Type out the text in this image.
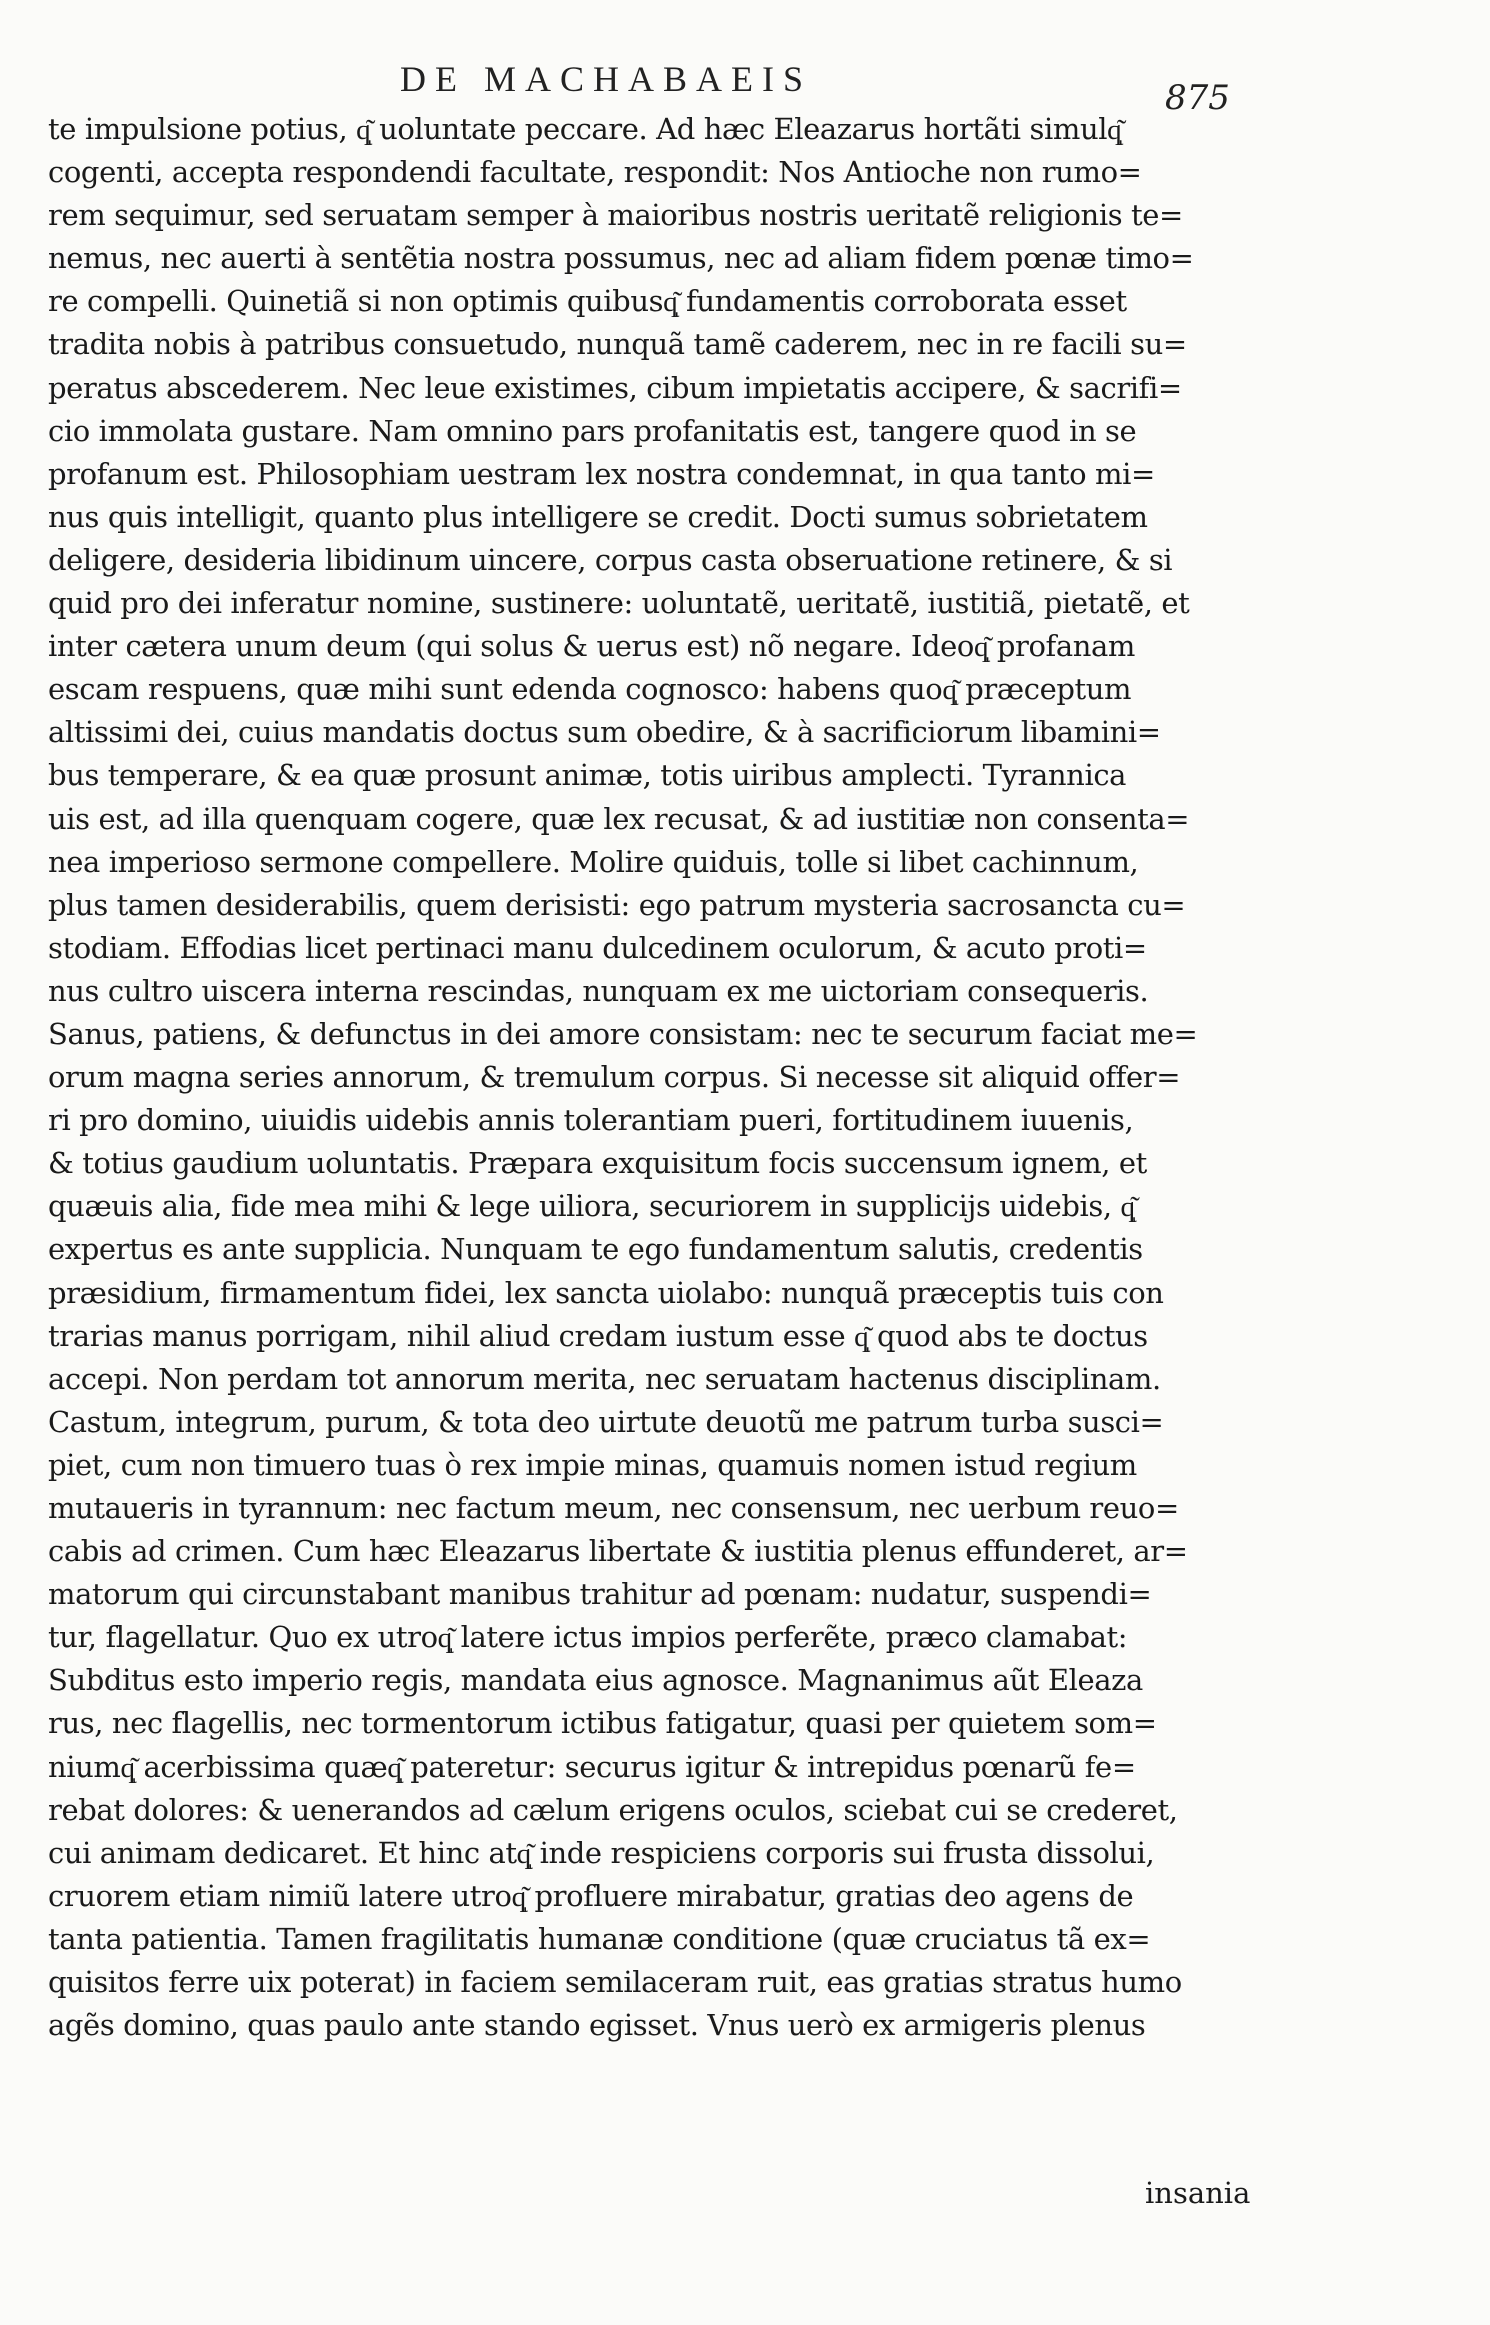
DE MACHABAEIS	875
te impulsione potius, q͂ͅ uoluntate peccare. Ad hæc Eleazarus hortãti simulq͂ͅ
cogenti, accepta respondendi facultate, respondit: Nos Antioche non rumo=
rem sequimur, sed seruatam semper à maioribus nostris ueritatẽ religionis te=
nemus, nec auerti à sentẽtia nostra possumus, nec ad aliam fidem pœnæ timo=
re compelli. Quinetiã si non optimis quibusq͂ͅ fundamentis corroborata esset
tradita nobis à patribus consuetudo, nunquã tamẽ caderem, nec in re facili su=
peratus abscederem. Nec leue existimes, cibum impietatis accipere, & sacrifi=
cio immolata gustare. Nam omnino pars profanitatis est, tangere quod in se
profanum est. Philosophiam uestram lex nostra condemnat, in qua tanto mi=
nus quis intelligit, quanto plus intelligere se credit. Docti sumus sobrietatem
deligere, desideria libidinum uincere, corpus casta obseruatione retinere, & si
quid pro dei inferatur nomine, sustinere: uoluntatẽ, ueritatẽ, iustitiã, pietatẽ, et
inter cætera unum deum (qui solus & uerus est) nõ negare. Ideoq͂ͅ profanam
escam respuens, quæ mihi sunt edenda cognosco: habens quoq͂ͅ præceptum
altissimi dei, cuius mandatis doctus sum obedire, & à sacrificiorum libamini=
bus temperare, & ea quæ prosunt animæ, totis uiribus amplecti. Tyrannica
uis est, ad illa quenquam cogere, quæ lex recusat, & ad iustitiæ non consenta=
nea imperioso sermone compellere. Molire quiduis, tolle si libet cachinnum,
plus tamen desiderabilis, quem derisisti: ego patrum mysteria sacrosancta cu=
stodiam. Effodias licet pertinaci manu dulcedinem oculorum, & acuto proti=
nus cultro uiscera interna rescindas, nunquam ex me uictoriam consequeris.
Sanus, patiens, & defunctus in dei amore consistam: nec te securum faciat me=
orum magna series annorum, & tremulum corpus. Si necesse sit aliquid offer=
ri pro domino, uiuidis uidebis annis tolerantiam pueri, fortitudinem iuuenis,
& totius gaudium uoluntatis. Præpara exquisitum focis succensum ignem, et
quæuis alia, fide mea mihi & lege uiliora, securiorem in supplicijs uidebis, q͂ͅ
expertus es ante supplicia. Nunquam te ego fundamentum salutis, credentis
præsidium, firmamentum fidei, lex sancta uiolabo: nunquã præceptis tuis con
trarias manus porrigam, nihil aliud credam iustum esse q͂ͅ quod abs te doctus
accepi. Non perdam tot annorum merita, nec seruatam hactenus disciplinam.
Castum, integrum, purum, & tota deo uirtute deuotũ me patrum turba susci=
piet, cum non timuero tuas ò rex impie minas, quamuis nomen istud regium
mutaueris in tyrannum: nec factum meum, nec consensum, nec uerbum reuo=
cabis ad crimen. Cum hæc Eleazarus libertate & iustitia plenus effunderet, ar=
matorum qui circunstabant manibus trahitur ad pœnam: nudatur, suspendi=
tur, flagellatur. Quo ex utroq͂ͅ latere ictus impios perferẽte, præco clamabat:
Subditus esto imperio regis, mandata eius agnosce. Magnanimus aũt Eleaza
rus, nec flagellis, nec tormentorum ictibus fatigatur, quasi per quietem som=
niumq͂ͅ acerbissima quæq͂ͅ pateretur: securus igitur & intrepidus pœnarũ fe=
rebat dolores: & uenerandos ad cælum erigens oculos, sciebat cui se crederet,
cui animam dedicaret. Et hinc atq͂ͅ inde respiciens corporis sui frusta dissolui,
cruorem etiam nimiũ latere utroq͂ͅ profluere mirabatur, gratias deo agens de
tanta patientia. Tamen fragilitatis humanæ conditione (quæ cruciatus tã ex=
quisitos ferre uix poterat) in faciem semilaceram ruit, eas gratias stratus humo
agẽs domino, quas paulo ante stando egisset. Vnus uerò ex armigeris plenus
insania
